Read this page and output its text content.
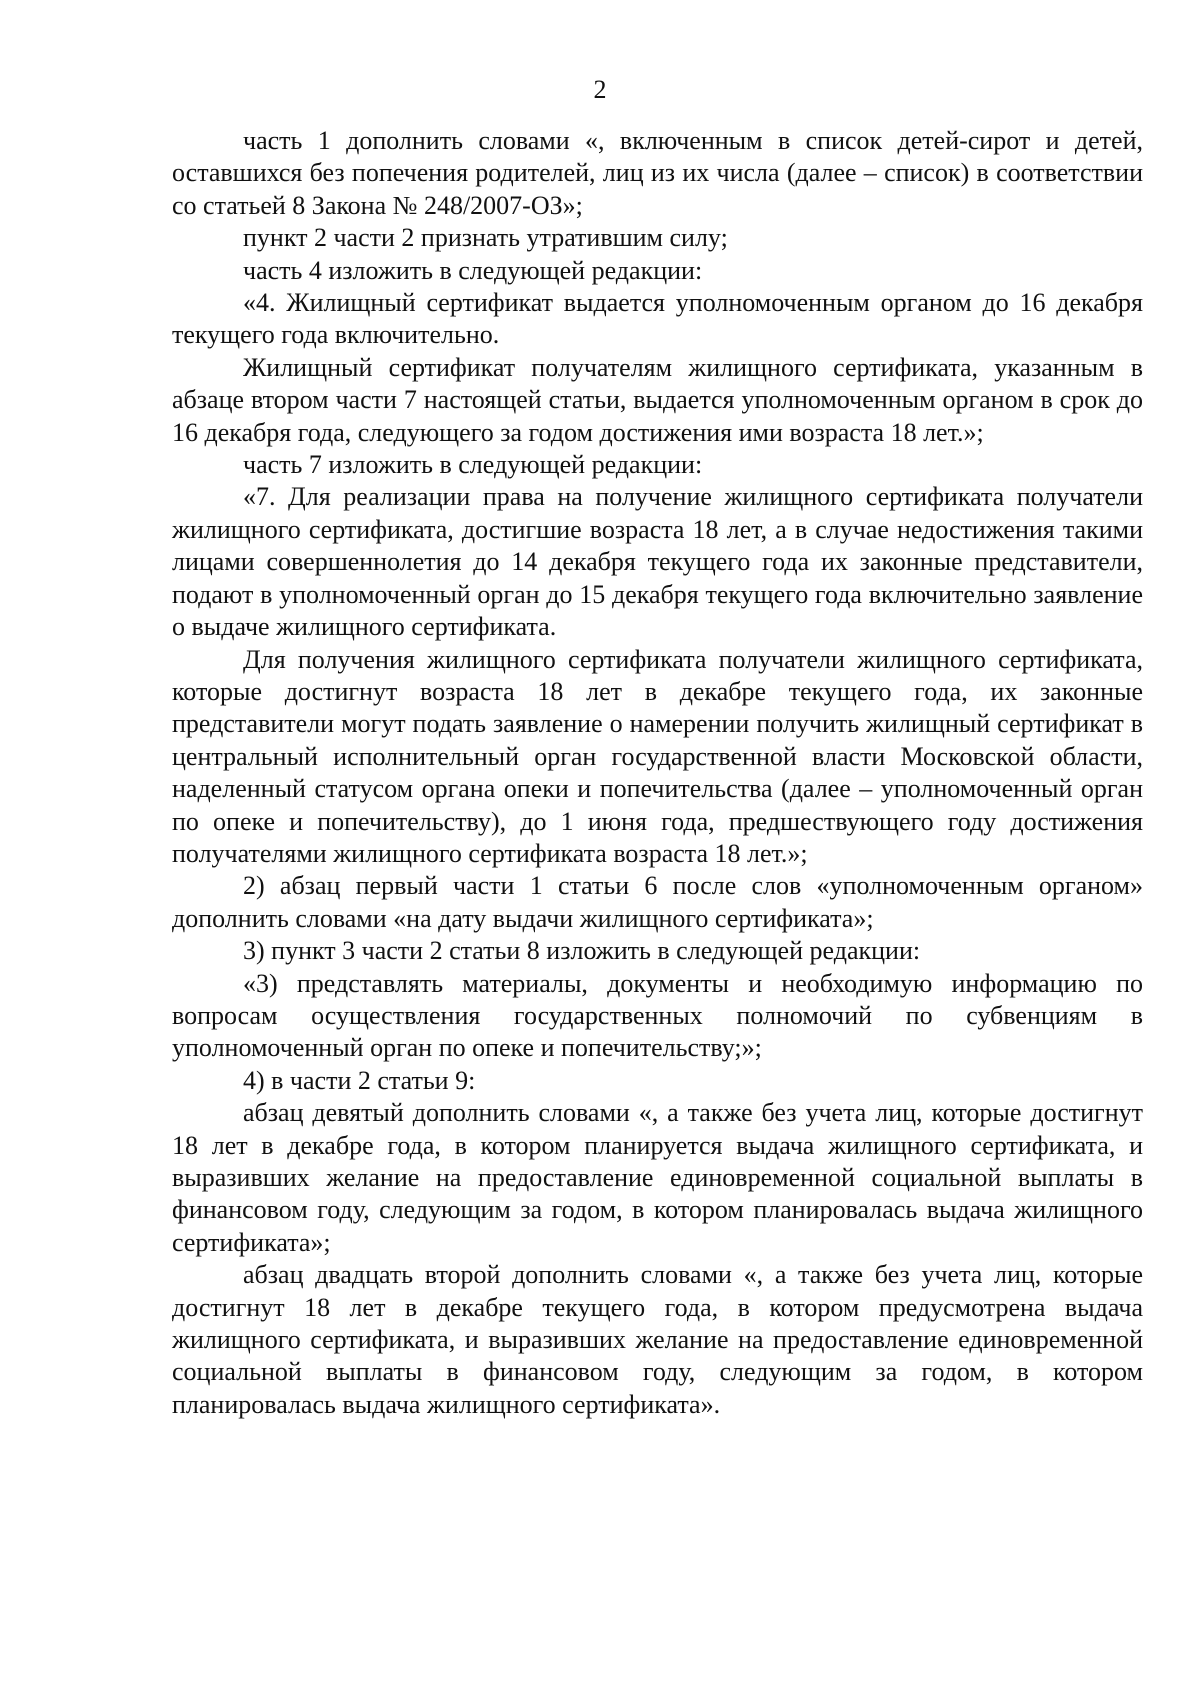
2

часть 1 дополнить словами «, включенным в список детей-сирот и детей, оставшихся без попечения родителей, лиц из их числа (далее – список) в соответствии со статьей 8 Закона № 248/2007-ОЗ»;

пункт 2 части 2 признать утратившим силу;

часть 4 изложить в следующей редакции:

«4. Жилищный сертификат выдается уполномоченным органом до 16 декабря текущего года включительно.

Жилищный сертификат получателям жилищного сертификата, указанным в абзаце втором части 7 настоящей статьи, выдается уполномоченным органом в срок до 16 декабря года, следующего за годом достижения ими возраста 18 лет.»;

часть 7 изложить в следующей редакции:

«7. Для реализации права на получение жилищного сертификата получатели жилищного сертификата, достигшие возраста 18 лет, а в случае недостижения такими лицами совершеннолетия до 14 декабря текущего года их законные представители, подают в уполномоченный орган до 15 декабря текущего года включительно заявление о выдаче жилищного сертификата.

Для получения жилищного сертификата получатели жилищного сертификата, которые достигнут возраста 18 лет в декабре текущего года, их законные представители могут подать заявление о намерении получить жилищный сертификат в центральный исполнительный орган государственной власти Московской области, наделенный статусом органа опеки и попечительства (далее – уполномоченный орган по опеке и попечительству), до 1 июня года, предшествующего году достижения получателями жилищного сертификата возраста 18 лет.»;

2) абзац первый части 1 статьи 6 после слов «уполномоченным органом» дополнить словами «на дату выдачи жилищного сертификата»;

3) пункт 3 части 2 статьи 8 изложить в следующей редакции:

«3) представлять материалы, документы и необходимую информацию по вопросам осуществления государственных полномочий по субвенциям в уполномоченный орган по опеке и попечительству;»;

4) в части 2 статьи 9:

абзац девятый дополнить словами «, а также без учета лиц, которые достигнут 18 лет в декабре года, в котором планируется выдача жилищного сертификата, и выразивших желание на предоставление единовременной социальной выплаты в финансовом году, следующим за годом, в котором планировалась выдача жилищного сертификата»;

абзац двадцать второй дополнить словами «, а также без учета лиц, которые достигнут 18 лет в декабре текущего года, в котором предусмотрена выдача жилищного сертификата, и выразивших желание на предоставление единовременной социальной выплаты в финансовом году, следующим за годом, в котором планировалась выдача жилищного сертификата».
